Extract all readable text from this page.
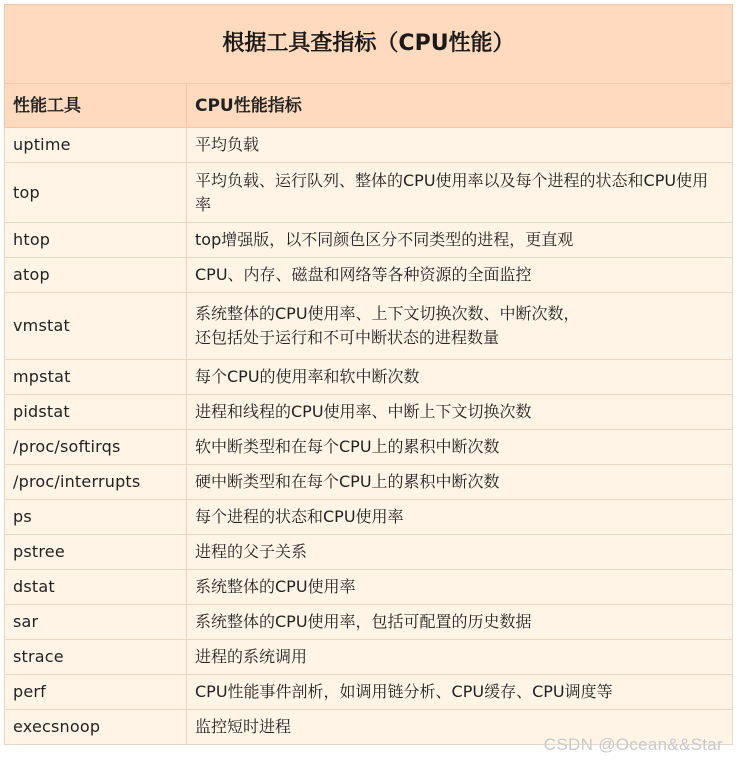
根据工具查指标（CPU性能）	
性能工具	CPU性能指标
uptime	平均负载
top	平均负载、运行队列、整体的CPU使用率以及每个进程的状态和CPU使用率
htop	top增强版，以不同颜色区分不同类型的进程，更直观
atop	CPU、内存、磁盘和网络等各种资源的全面监控
vmstat	系统整体的CPU使用率、上下文切换次数、中断次数，
还包括处于运行和不可中断状态的进程数量

mpstat	每个CPU的使用率和软中断次数
pidstat	进程和线程的CPU使用率、中断上下文切换次数
/proc/softirqs	软中断类型和在每个CPU上的累积中断次数
/proc/interrupts	硬中断类型和在每个CPU上的累积中断次数
ps	每个进程的状态和CPU使用率
pstree	进程的父子关系
dstat	系统整体的CPU使用率
sar	系统整体的CPU使用率，包括可配置的历史数据
strace	进程的系统调用
perf	CPU性能事件剖析，如调用链分析、CPU缓存、CPU调度等
execsnoop	监控短时进程
CSDN @Ocean&&Star
